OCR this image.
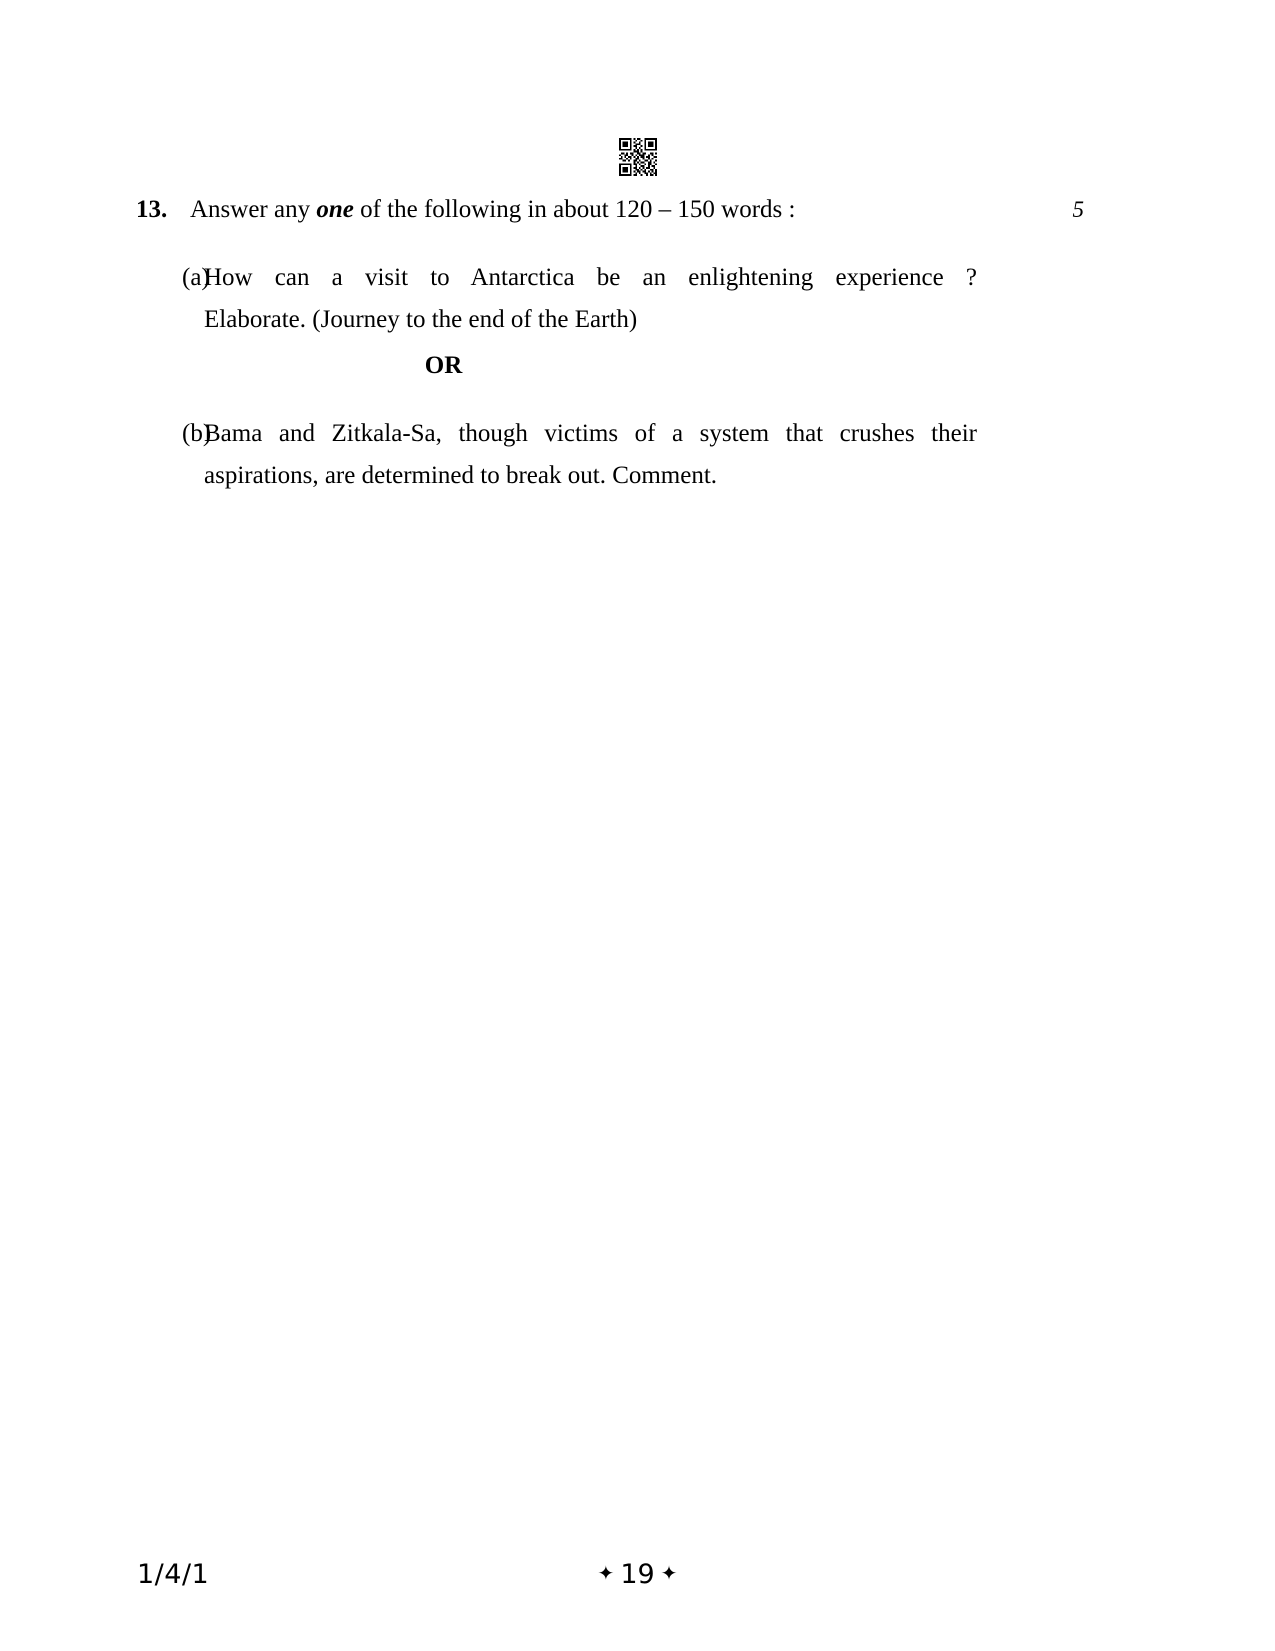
13. Answer any one of the following in about 120 – 150 words :	5
(a)
How can a visit to Antarctica be an enlightening experience ?
Elaborate. (Journey to the end of the Earth)
OR
(b)
Bama and Zitkala-Sa, though victims of a system that crushes their
aspirations, are determined to break out. Comment.
1/4/1	✦ 19 ✦
